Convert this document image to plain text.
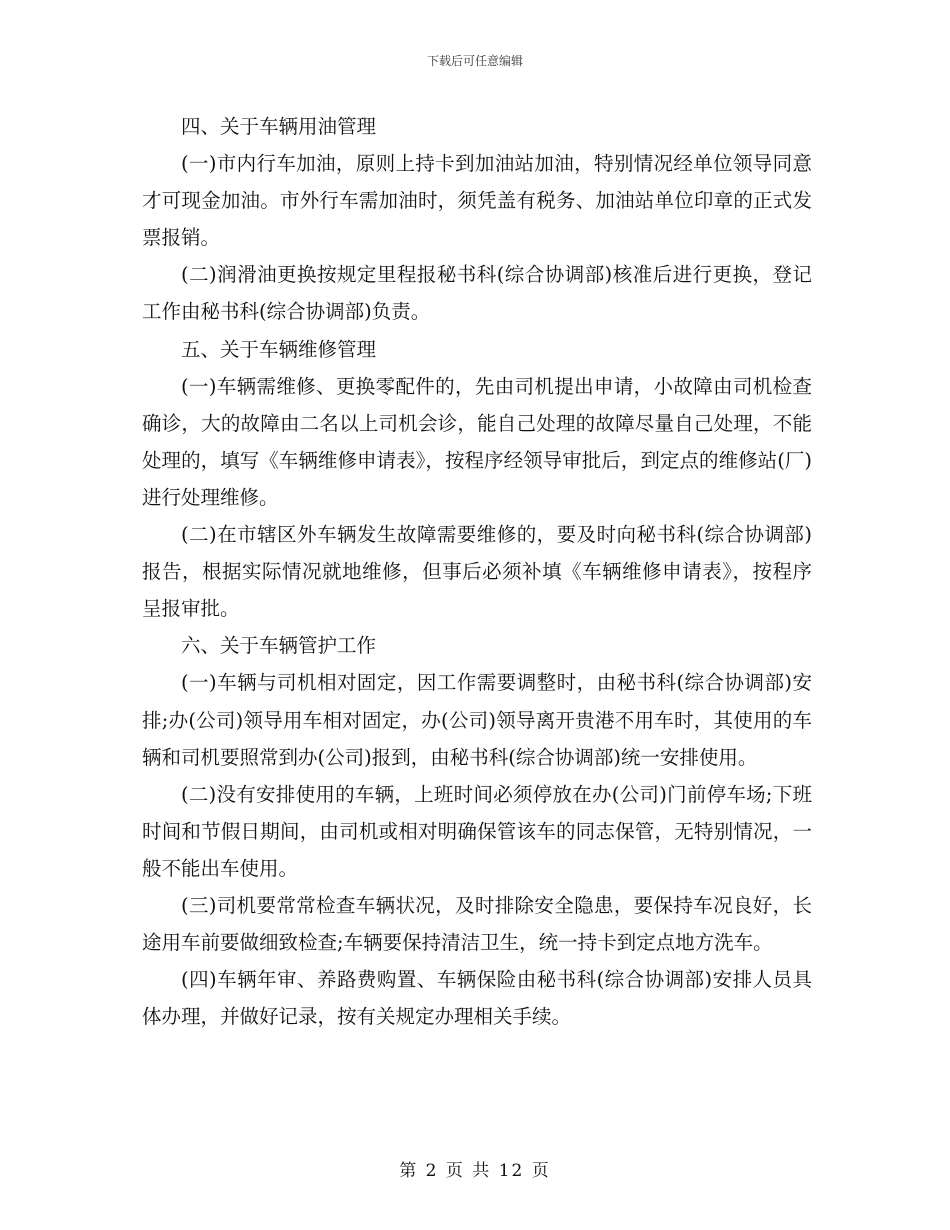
下载后可任意编辑

四、关于车辆用油管理

(一)市内行车加油，原则上持卡到加油站加油，特别情况经单位领导同意才可现金加油。市外行车需加油时，须凭盖有税务、加油站单位印章的正式发票报销。

(二)润滑油更换按规定里程报秘书科(综合协调部)核准后进行更换，登记工作由秘书科(综合协调部)负责。

五、关于车辆维修管理

(一)车辆需维修、更换零配件的，先由司机提出申请，小故障由司机检查确诊，大的故障由二名以上司机会诊，能自己处理的故障尽量自己处理，不能处理的，填写《车辆维修申请表》，按程序经领导审批后，到定点的维修站(厂)进行处理维修。

(二)在市辖区外车辆发生故障需要维修的，要及时向秘书科(综合协调部)报告，根据实际情况就地维修，但事后必须补填《车辆维修申请表》，按程序呈报审批。

六、关于车辆管护工作

(一)车辆与司机相对固定，因工作需要调整时，由秘书科(综合协调部)安排;办(公司)领导用车相对固定，办(公司)领导离开贵港不用车时，其使用的车辆和司机要照常到办(公司)报到，由秘书科(综合协调部)统一安排使用。

(二)没有安排使用的车辆，上班时间必须停放在办(公司)门前停车场;下班时间和节假日期间，由司机或相对明确保管该车的同志保管，无特别情况，一般不能出车使用。

(三)司机要常常检查车辆状况，及时排除安全隐患，要保持车况良好，长途用车前要做细致检查;车辆要保持清洁卫生，统一持卡到定点地方洗车。

(四)车辆年审、养路费购置、车辆保险由秘书科(综合协调部)安排人员具体办理，并做好记录，按有关规定办理相关手续。

第 2 页 共 12 页
